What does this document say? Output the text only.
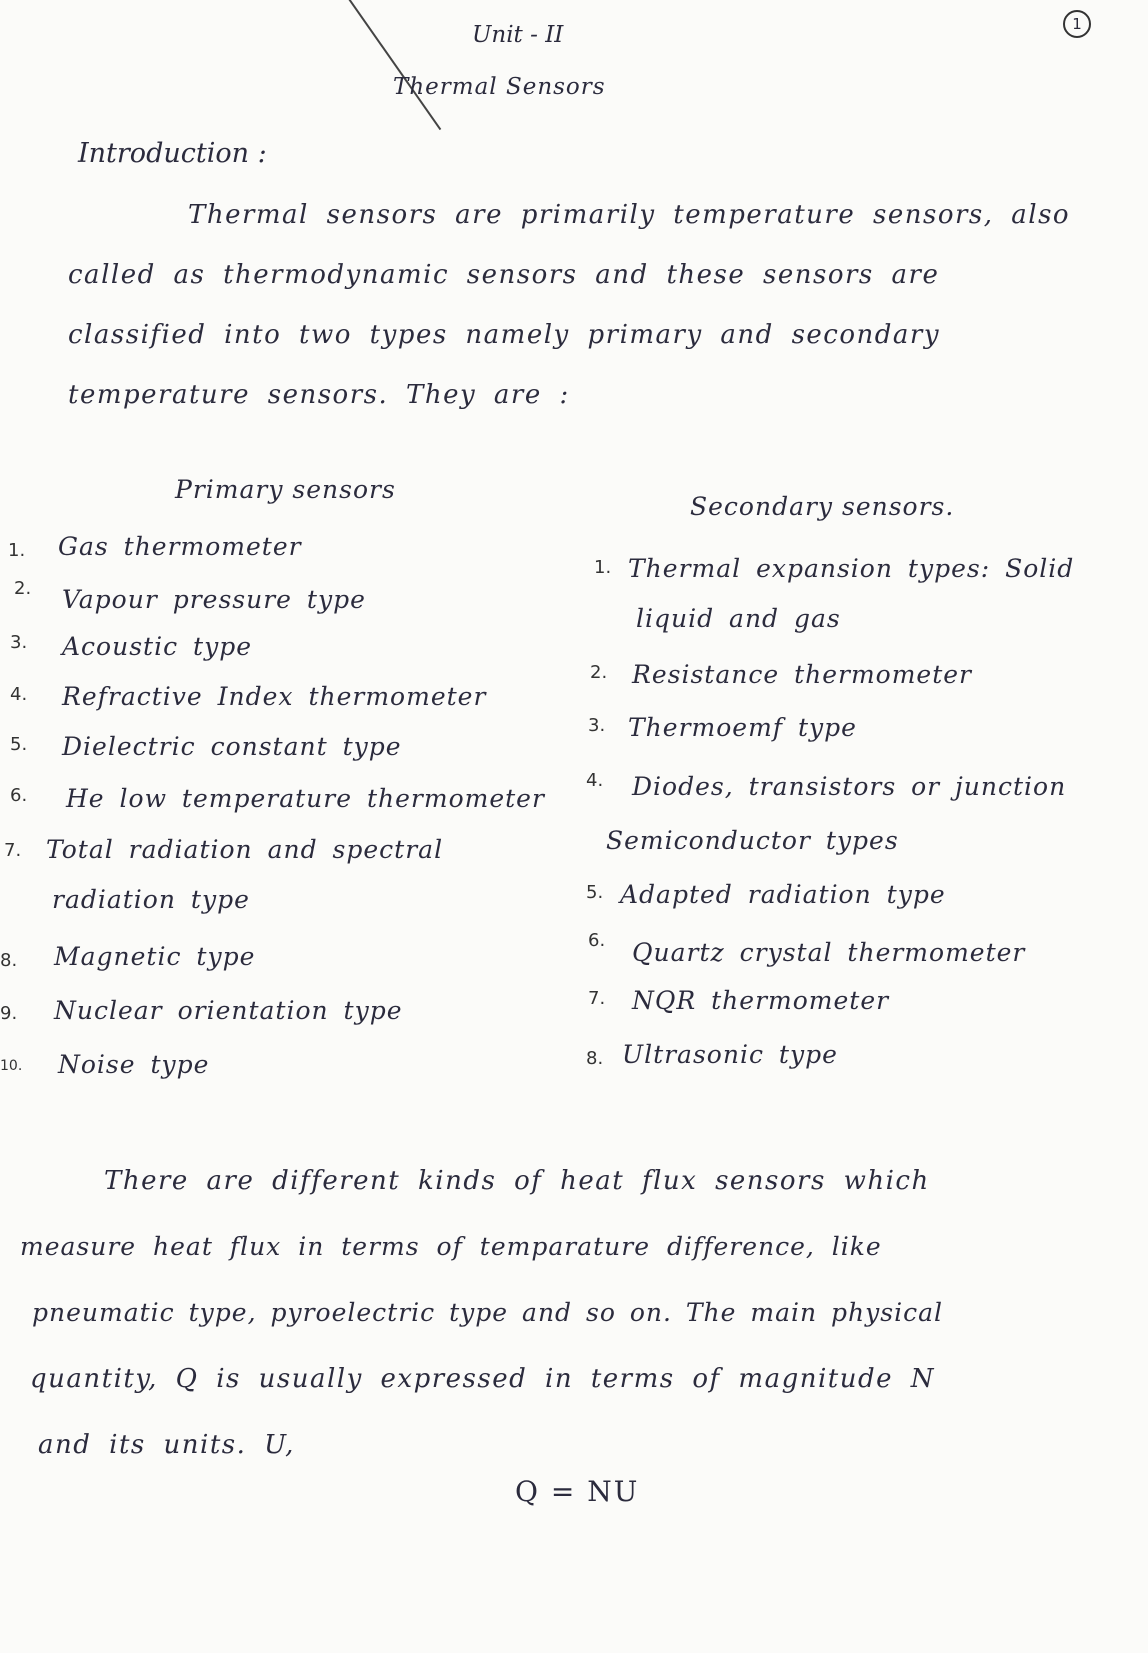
1
Unit - II
Thermal Sensors
Introduction :
Thermal sensors are primarily temperature sensors, also
called as thermodynamic sensors and these sensors are
classified into two types namely primary and secondary
temperature sensors. They are :
Primary sensors
Secondary sensors.
1. Gas thermometer
2. Vapour pressure type
3. Acoustic type
4. Refractive Index thermometer
5. Dielectric constant type
6. He low temperature thermometer
7. Total radiation and spectral
radiation type
8. Magnetic type
9. Nuclear orientation type
10. Noise type
1. Thermal expansion types: Solid
liquid and gas
2. Resistance thermometer
3. Thermoemf type
4. Diodes, transistors or junction
Semiconductor types
5. Adapted radiation type
6. Quartz crystal thermometer
7. NQR thermometer
8. Ultrasonic type
There are different kinds of heat flux sensors which
measure heat flux in terms of temparature difference, like
pneumatic type, pyroelectric type and so on. The main physical
quantity, Q is usually expressed in terms of magnitude N
and its units. U,
Q = NU
